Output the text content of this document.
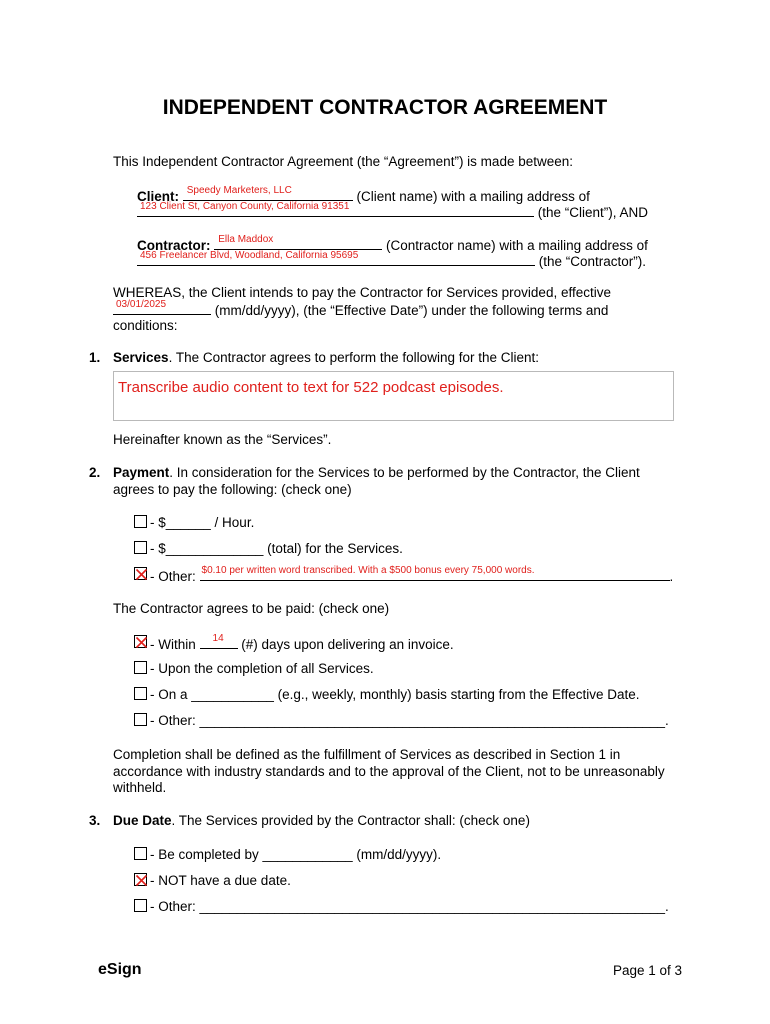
INDEPENDENT CONTRACTOR AGREEMENT
This Independent Contractor Agreement (the “Agreement”) is made between:
Client: Speedy Marketers, LLC	(Client name) with a mailing address of
123 Client St, Canyon County, California 91351	(the “Client”), AND
Contractor: Ella Maddox	(Contractor name) with a mailing address of
456 Freelancer Blvd, Woodland, California 95695	(the “Contractor”).
WHEREAS, the Client intends to pay the Contractor for Services provided, effective
03/01/2025	(mm/dd/yyyy), (the “Effective Date”) under the following terms and
conditions:
1. Services. The Contractor agrees to perform the following for the Client:
Transcribe audio content to text for 522 podcast episodes.
Hereinafter known as the “Services”.
2. Payment. In consideration for the Services to be performed by the Contractor, the Client
agrees to pay the following: (check one)
- $______ / Hour.
- $_____________ (total) for the Services.
- Other: $0.10 per written word transcribed. With a $500 bonus every 75,000 words.	.
The Contractor agrees to be paid: (check one)
- Within 14 (#) days upon delivering an invoice.
- Upon the completion of all Services.
- On a ___________ (e.g., weekly, monthly) basis starting from the Effective Date.
- Other: ______________________________________________________________.
Completion shall be defined as the fulfillment of Services as described in Section 1 in
accordance with industry standards and to the approval of the Client, not to be unreasonably
withheld.
3. Due Date. The Services provided by the Contractor shall: (check one)
- Be completed by ____________ (mm/dd/yyyy).
- NOT have a due date.
- Other: ______________________________________________________________.
eSign	Page 1 of 3
